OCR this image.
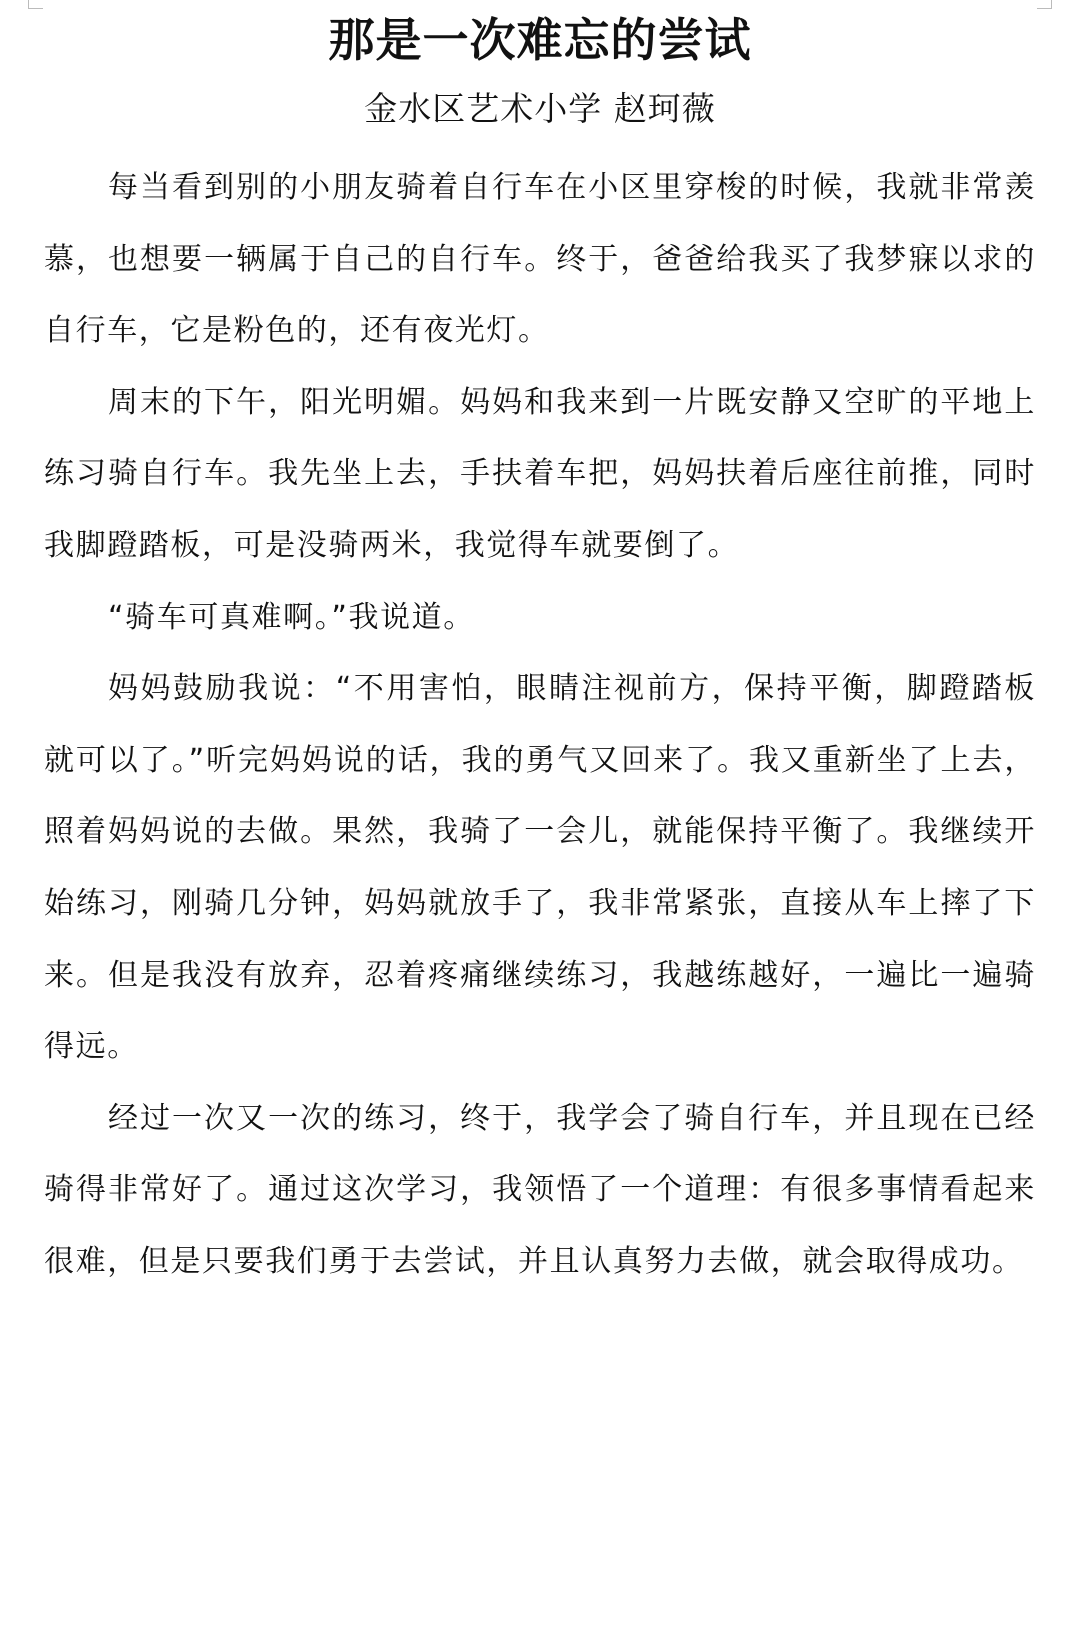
那是一次难忘的尝试
金水区艺术小学 赵珂薇

每当看到别的小朋友骑着自行车在小区里穿梭的时候，我就非常羡慕，也想要一辆属于自己的自行车。终于，爸爸给我买了我梦寐以求的自行车，它是粉色的，还有夜光灯。

周末的下午，阳光明媚。妈妈和我来到一片既安静又空旷的平地上练习骑自行车。我先坐上去，手扶着车把，妈妈扶着后座往前推，同时我脚蹬踏板，可是没骑两米，我觉得车就要倒了。

“骑车可真难啊。”我说道。

妈妈鼓励我说：“不用害怕，眼睛注视前方，保持平衡，脚蹬踏板就可以了。”听完妈妈说的话，我的勇气又回来了。我又重新坐了上去，照着妈妈说的去做。果然，我骑了一会儿，就能保持平衡了。我继续开始练习，刚骑几分钟，妈妈就放手了，我非常紧张，直接从车上摔了下来。但是我没有放弃，忍着疼痛继续练习，我越练越好，一遍比一遍骑得远。

经过一次又一次的练习，终于，我学会了骑自行车，并且现在已经骑得非常好了。通过这次学习，我领悟了一个道理：有很多事情看起来很难，但是只要我们勇于去尝试，并且认真努力去做，就会取得成功。
